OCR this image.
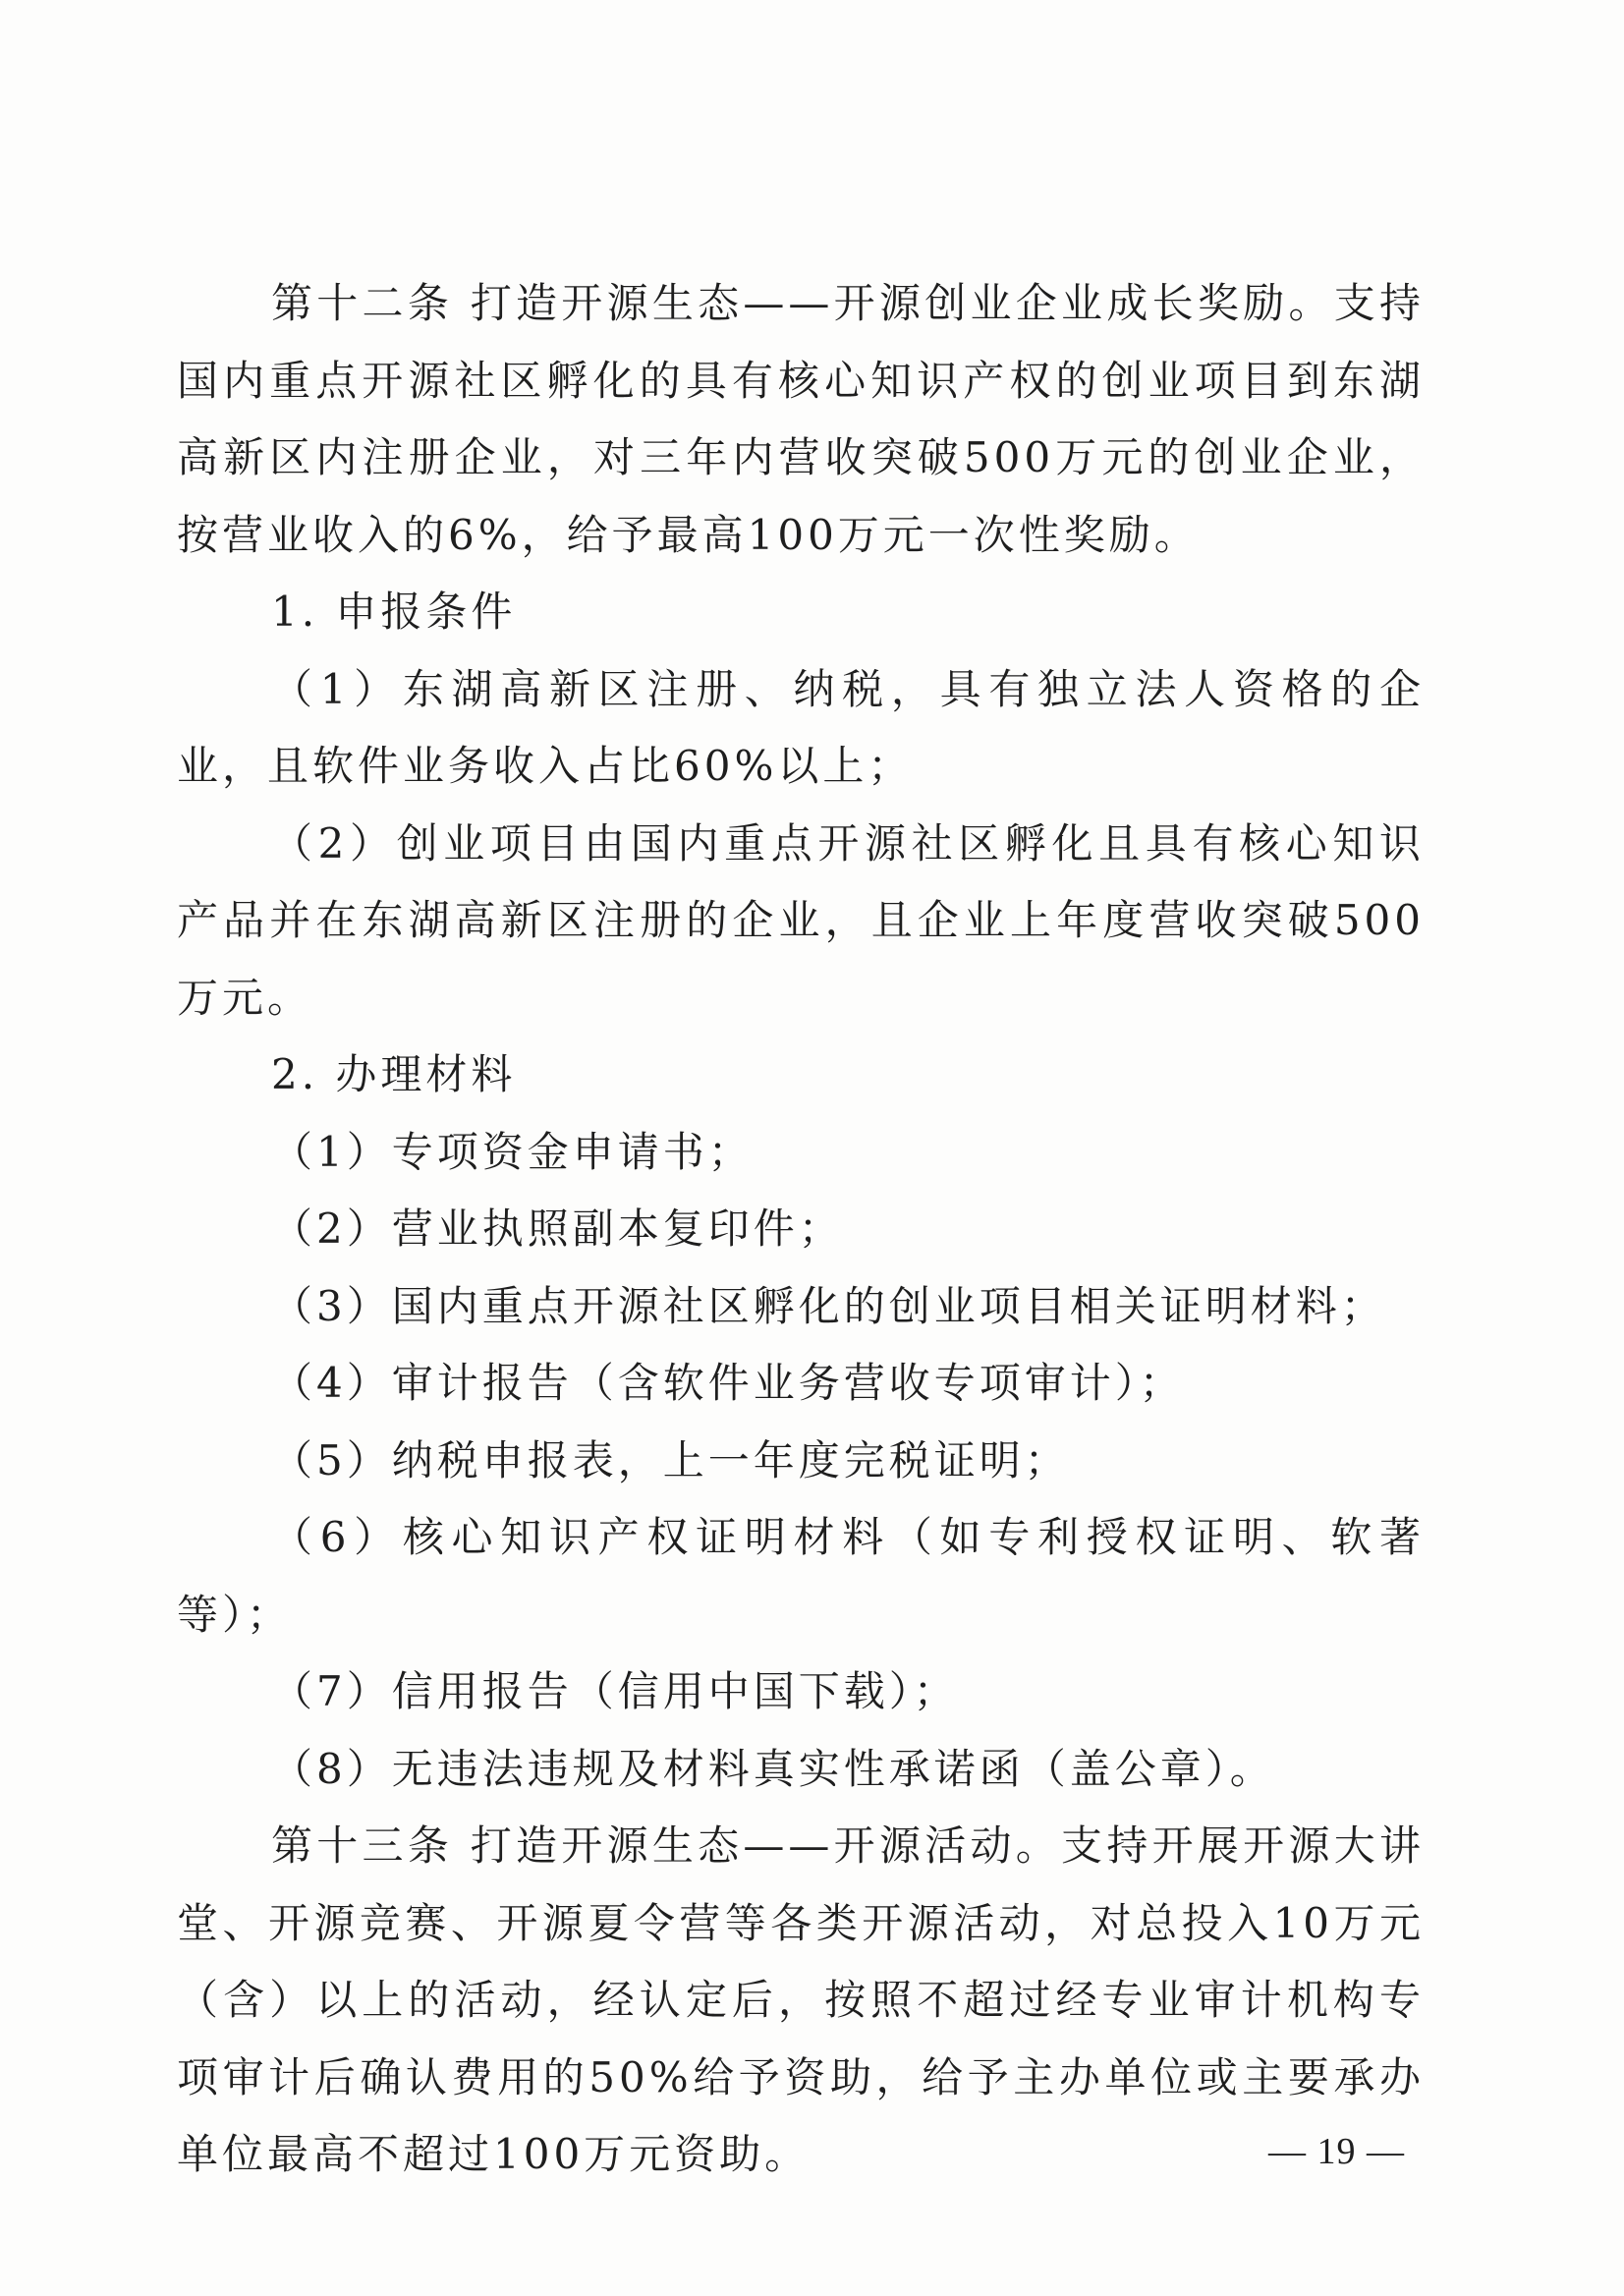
第十二条 打造开源生态——开源创业企业成长奖励。支持国内重点开源社区孵化的具有核心知识产权的创业项目到东湖高新区内注册企业，对三年内营收突破500万元的创业企业，按营业收入的6%，给予最高100万元一次性奖励。

1. 申报条件

（1）东湖高新区注册、纳税，具有独立法人资格的企业，且软件业务收入占比60%以上；

（2）创业项目由国内重点开源社区孵化且具有核心知识产品并在东湖高新区注册的企业，且企业上年度营收突破500万元。

2. 办理材料

（1）专项资金申请书；

（2）营业执照副本复印件；

（3）国内重点开源社区孵化的创业项目相关证明材料；

（4）审计报告（含软件业务营收专项审计）；

（5）纳税申报表，上一年度完税证明；

（6）核心知识产权证明材料（如专利授权证明、软著等）；

（7）信用报告（信用中国下载）；

（8）无违法违规及材料真实性承诺函（盖公章）。

第十三条 打造开源生态——开源活动。支持开展开源大讲堂、开源竞赛、开源夏令营等各类开源活动，对总投入10万元（含）以上的活动，经认定后，按照不超过经专业审计机构专项审计后确认费用的50%给予资助，给予主办单位或主要承办单位最高不超过100万元资助。	— 19 —
